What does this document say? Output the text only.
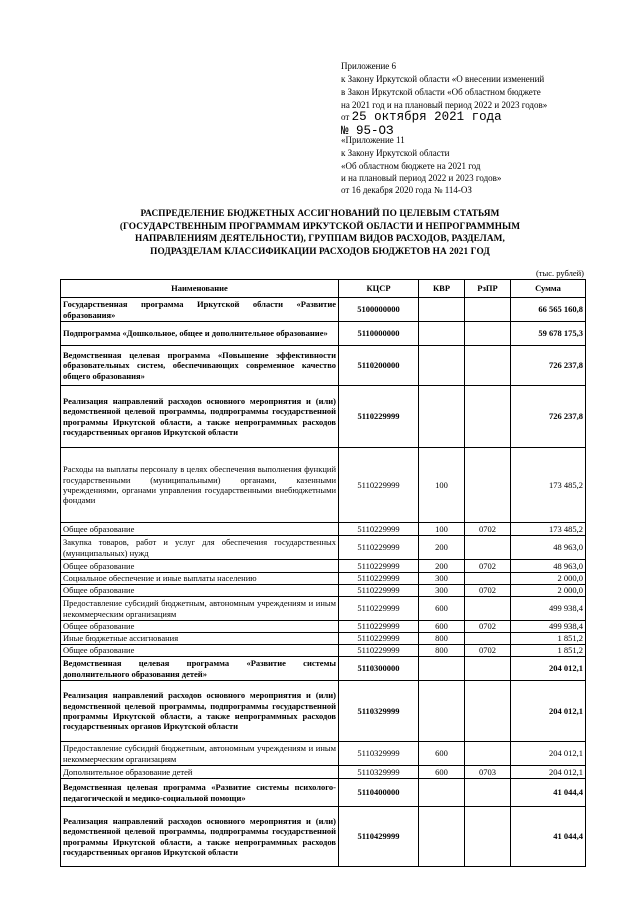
Приложение 6
к Закону Иркутской области «О внесении изменений
в Закон Иркутской области «Об областном бюджете
на 2021 год и на плановый период 2022 и 2023 годов»
от 25 октября 2021 года
№ 95-ОЗ
«Приложение 11
к Закону Иркутской области
«Об областном бюджете на 2021 год
и на плановый период 2022 и 2023 годов»
от 16 декабря 2020 года № 114-ОЗ
РАСПРЕДЕЛЕНИЕ БЮДЖЕТНЫХ АССИГНОВАНИЙ ПО ЦЕЛЕВЫМ СТАТЬЯМ
(ГОСУДАРСТВЕННЫМ ПРОГРАММАМ ИРКУТСКОЙ ОБЛАСТИ И НЕПРОГРАММНЫМ
НАПРАВЛЕНИЯМ ДЕЯТЕЛЬНОСТИ), ГРУППАМ ВИДОВ РАСХОДОВ, РАЗДЕЛАМ,
ПОДРАЗДЕЛАМ КЛАССИФИКАЦИИ РАСХОДОВ БЮДЖЕТОВ НА 2021 ГОД
(тыс. рублей)
Наименование	КЦСР	КВР	РзПР	Сумма
Государственная программа Иркутской области «Развитие образования»	5100000000			66 565 160,8
Подпрограмма «Дошкольное, общее и дополнительное образование»	5110000000			59 678 175,3
Ведомственная целевая программа «Повышение эффективности образовательных систем, обеспечивающих современное качество общего образования»	5110200000			726 237,8
Реализация направлений расходов основного мероприятия и (или) ведомственной целевой программы, подпрограммы государственной программы Иркутской области, а также непрограммных расходов государственных органов Иркутской области	5110229999			726 237,8
Расходы на выплаты персоналу в целях обеспечения выполнения функций государственными (муниципальными) органами, казенными учреждениями, органами управления государственными внебюджетными фондами	5110229999	100		173 485,2
Общее образование	5110229999	100	0702	173 485,2
Закупка товаров, работ и услуг для обеспечения государственных (муниципальных) нужд	5110229999	200		48 963,0
Общее образование	5110229999	200	0702	48 963,0
Социальное обеспечение и иные выплаты населению	5110229999	300		2 000,0
Общее образование	5110229999	300	0702	2 000,0
Предоставление субсидий бюджетным, автономным учреждениям и иным некоммерческим организациям	5110229999	600		499 938,4
Общее образование	5110229999	600	0702	499 938,4
Иные бюджетные ассигнования	5110229999	800		1 851,2
Общее образование	5110229999	800	0702	1 851,2
Ведомственная целевая программа «Развитие системы дополнительного образования детей»	5110300000			204 012,1
Реализация направлений расходов основного мероприятия и (или) ведомственной целевой программы, подпрограммы государственной программы Иркутской области, а также непрограммных расходов государственных органов Иркутской области	5110329999			204 012,1
Предоставление субсидий бюджетным, автономным учреждениям и иным некоммерческим организациям	5110329999	600		204 012,1
Дополнительное образование детей	5110329999	600	0703	204 012,1
Ведомственная целевая программа «Развитие системы психолого-педагогической и медико-социальной помощи»	5110400000			41 044,4
Реализация направлений расходов основного мероприятия и (или) ведомственной целевой программы, подпрограммы государственной программы Иркутской области, а также непрограммных расходов государственных органов Иркутской области	5110429999			41 044,4
